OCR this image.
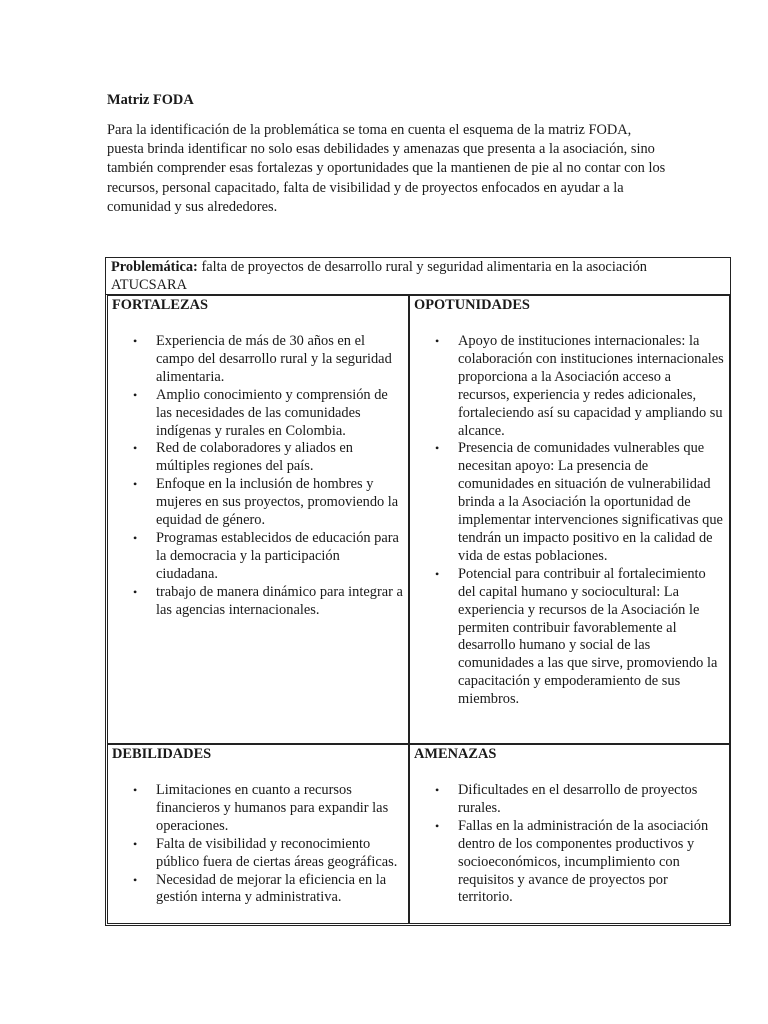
Matriz FODA

Para la identificación de la problemática se toma en cuenta el esquema de la matriz FODA, puesta brinda identificar no solo esas debilidades y amenazas que presenta a la asociación, sino también comprender esas fortalezas y oportunidades que la mantienen de pie al no contar con los recursos, personal capacitado, falta de visibilidad y de proyectos enfocados en ayudar a la comunidad y sus alrededores.

Problemática: falta de proyectos de desarrollo rural y seguridad alimentaria en la asociación ATUCSARA
FORTALEZAS
• Experiencia de más de 30 años en el campo del desarrollo rural y la seguridad alimentaria.
• Amplio conocimiento y comprensión de las necesidades de las comunidades indígenas y rurales en Colombia.
• Red de colaboradores y aliados en múltiples regiones del país.
• Enfoque en la inclusión de hombres y mujeres en sus proyectos, promoviendo la equidad de género.
• Programas establecidos de educación para la democracia y la participación ciudadana.
• trabajo de manera dinámico para integrar a las agencias internacionales.
OPOTUNIDADES
• Apoyo de instituciones internacionales: la colaboración con instituciones internacionales proporciona a la Asociación acceso a recursos, experiencia y redes adicionales, fortaleciendo así su capacidad y ampliando su alcance.
• Presencia de comunidades vulnerables que necesitan apoyo: La presencia de comunidades en situación de vulnerabilidad brinda a la Asociación la oportunidad de implementar intervenciones significativas que tendrán un impacto positivo en la calidad de vida de estas poblaciones.
• Potencial para contribuir al fortalecimiento del capital humano y sociocultural: La experiencia y recursos de la Asociación le permiten contribuir favorablemente al desarrollo humano y social de las comunidades a las que sirve, promoviendo la capacitación y empoderamiento de sus miembros.
DEBILIDADES
• Limitaciones en cuanto a recursos financieros y humanos para expandir las operaciones.
• Falta de visibilidad y reconocimiento público fuera de ciertas áreas geográficas.
• Necesidad de mejorar la eficiencia en la gestión interna y administrativa.
AMENAZAS
• Dificultades en el desarrollo de proyectos rurales.
• Fallas en la administración de la asociación dentro de los componentes productivos y socioeconómicos, incumplimiento con requisitos y avance de proyectos por territorio.
